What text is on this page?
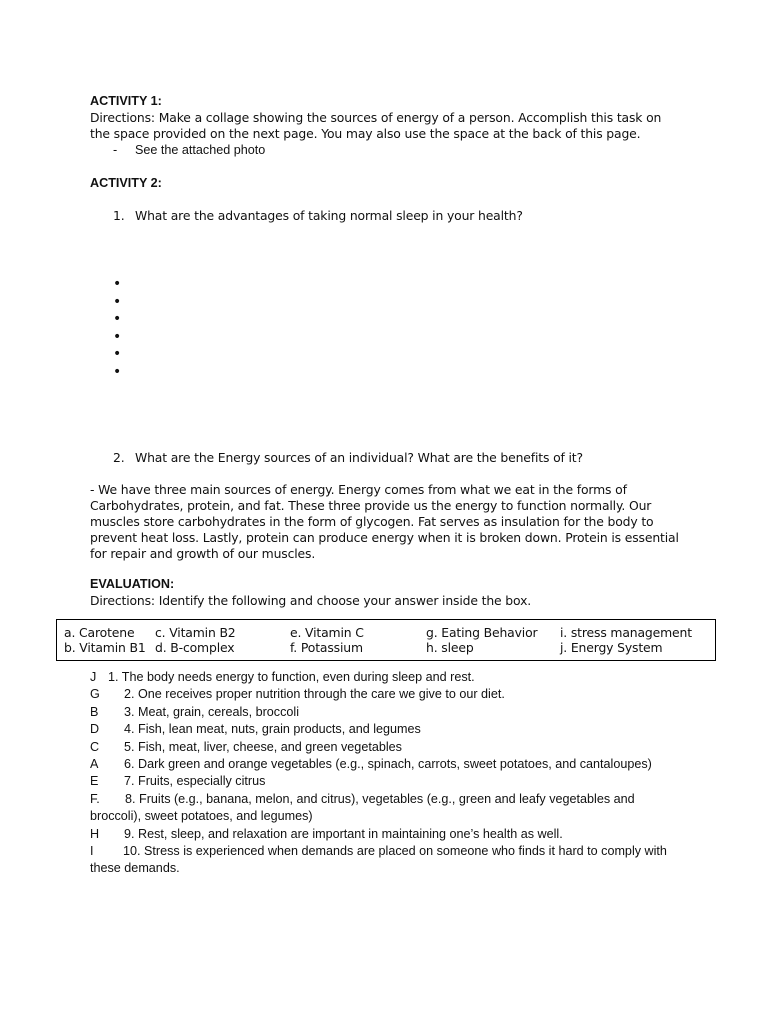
ACTIVITY 1:
Directions: Make a collage showing the sources of energy of a person. Accomplish this task on
the space provided on the next page. You may also use the space at the back of this page.
- See the attached photo
ACTIVITY 2:
1. What are the advantages of taking normal sleep in your health?
•
•
•
•
•
•
2. What are the Energy sources of an individual? What are the benefits of it?
- We have three main sources of energy. Energy comes from what we eat in the forms of
Carbohydrates, protein, and fat. These three provide us the energy to function normally. Our
muscles store carbohydrates in the form of glycogen. Fat serves as insulation for the body to
prevent heat loss. Lastly, protein can produce energy when it is broken down. Protein is essential
for repair and growth of our muscles.
EVALUATION:
Directions: Identify the following and choose your answer inside the box.
a. Carotene c. Vitamin B2	e. Vitamin C	g. Eating Behavior i. stress management
b. Vitamin B1 d. B-complex	f. Potassium	h. sleep	j. Energy System
J 1. The body needs energy to function, even during sleep and rest.
G 2. One receives proper nutrition through the care we give to our diet.
B 3. Meat, grain, cereals, broccoli
D 4. Fish, lean meat, nuts, grain products, and legumes
C 5. Fish, meat, liver, cheese, and green vegetables
A 6. Dark green and orange vegetables (e.g., spinach, carrots, sweet potatoes, and cantaloupes)
E 7. Fruits, especially citrus
F. 8. Fruits (e.g., banana, melon, and citrus), vegetables (e.g., green and leafy vegetables and
broccoli), sweet potatoes, and legumes)
H 9. Rest, sleep, and relaxation are important in maintaining one’s health as well.
I 10. Stress is experienced when demands are placed on someone who finds it hard to comply with
these demands.
